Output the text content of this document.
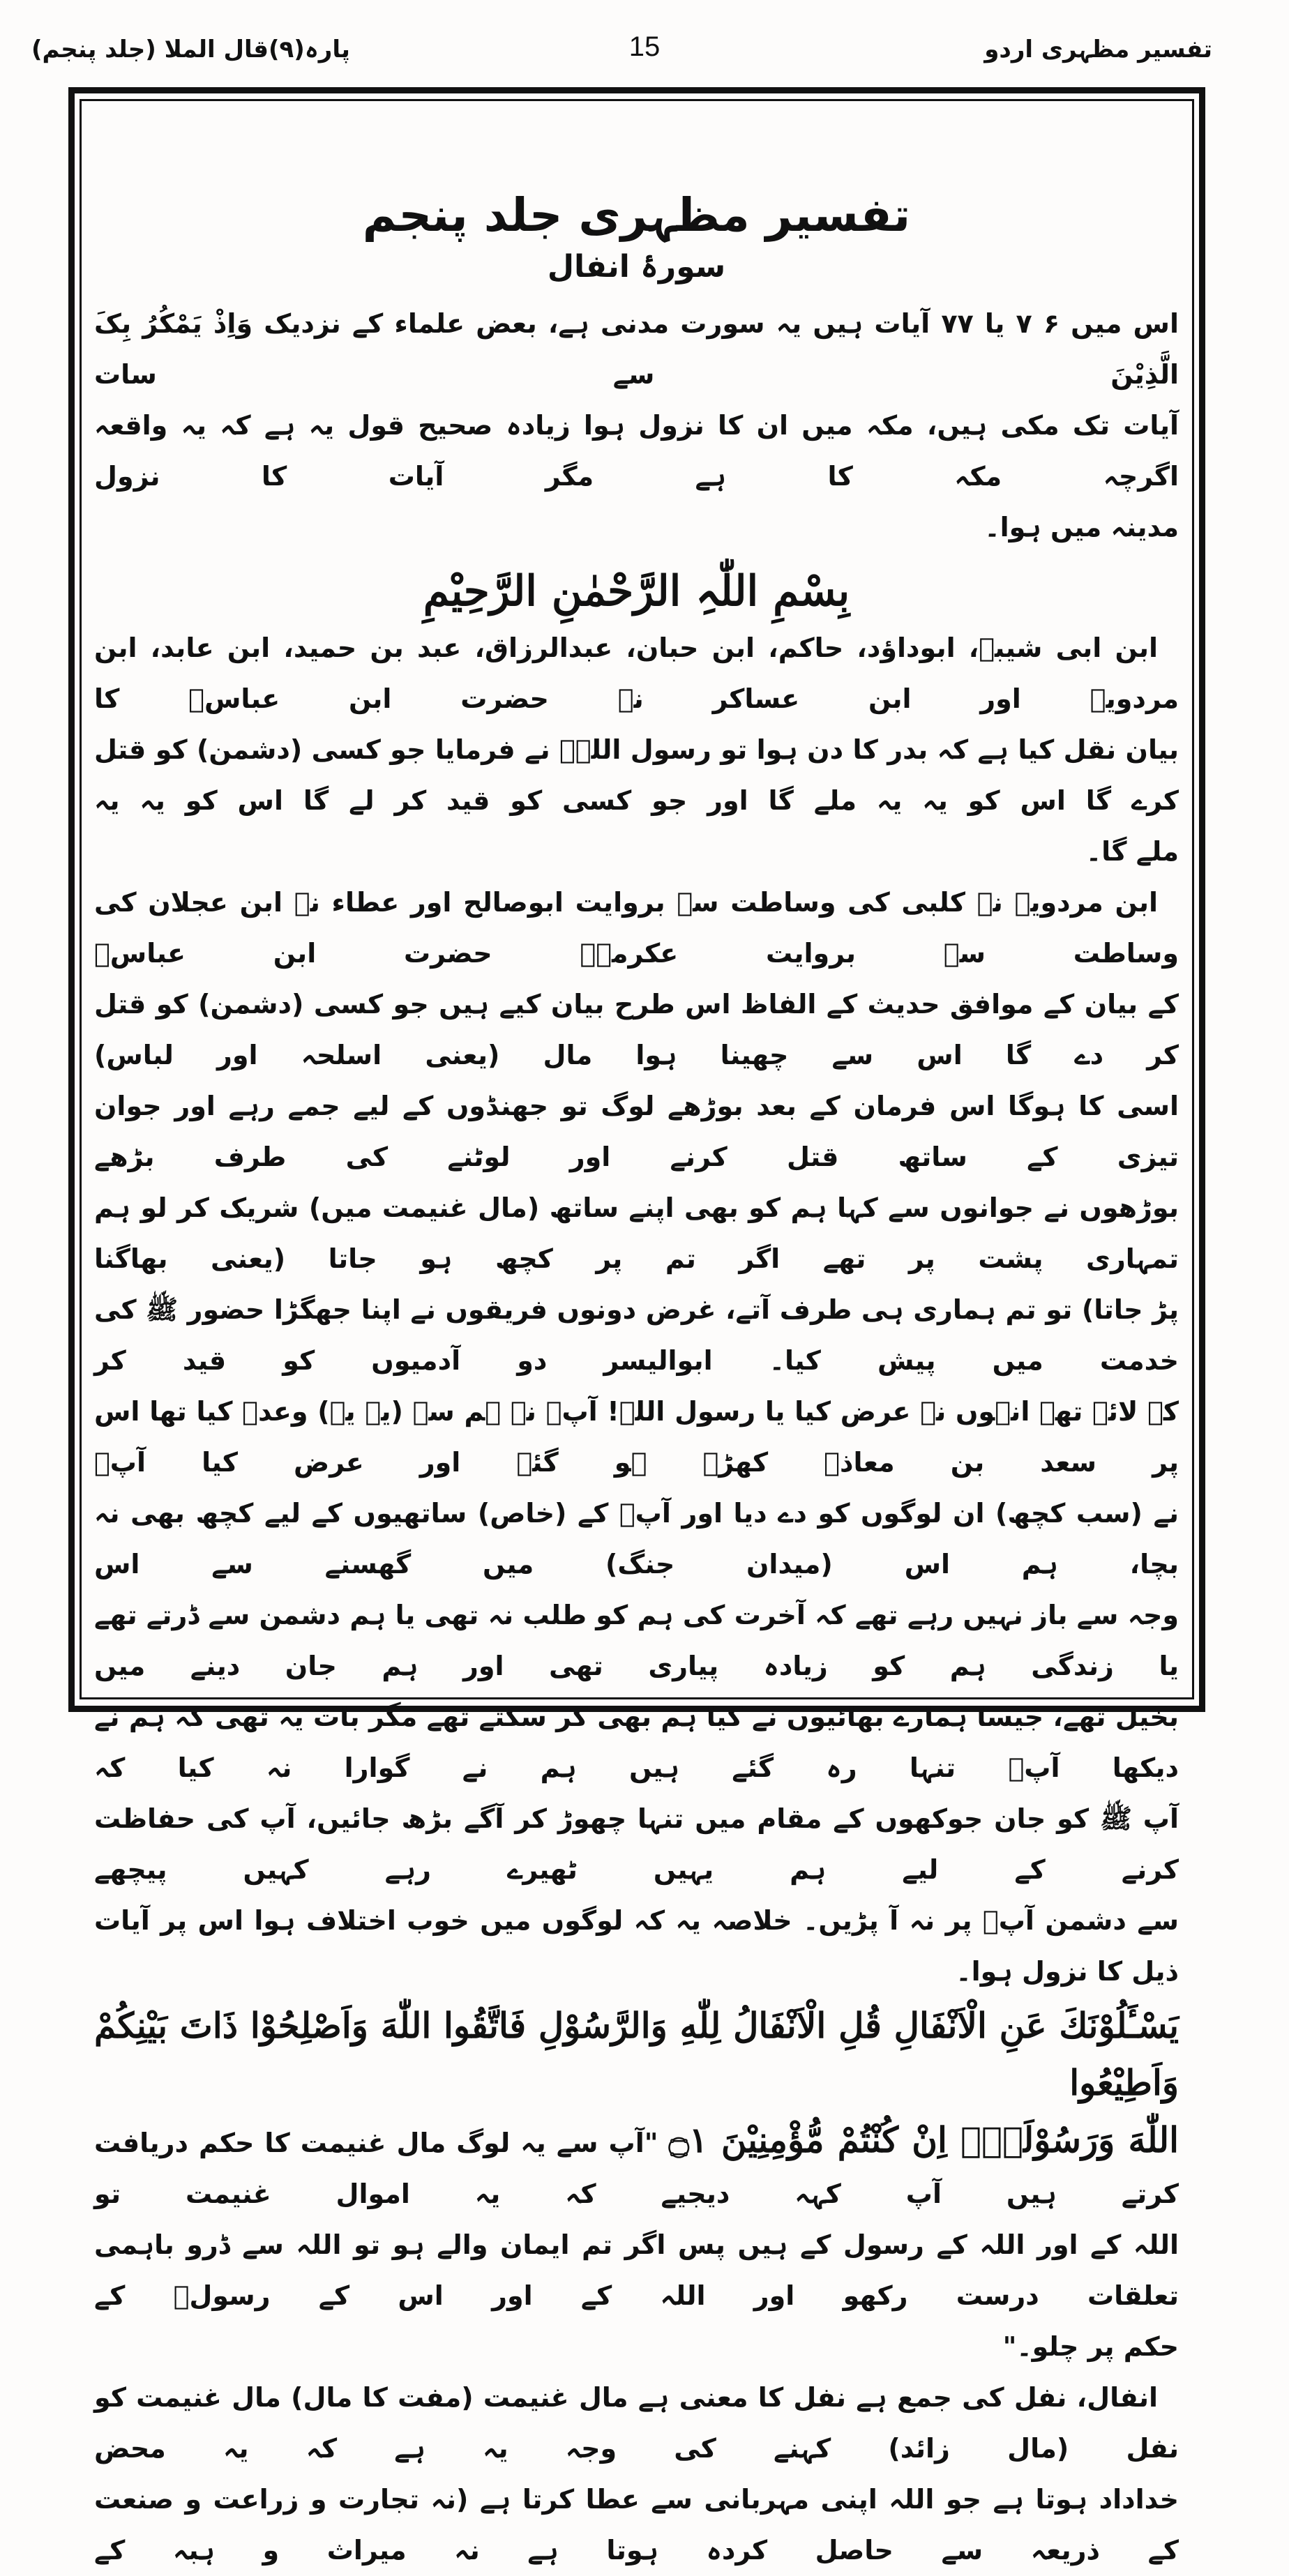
تفسیر مظہری اردو
15
پارہ(۹)قال الملا (جلد پنجم)
تفسیر مظہری جلد پنجم
سورۂ انفال

اس میں ۶ ۷ یا ۷۷ آیات ہیں یہ سورت مدنی ہے، بعض علماء کے نزدیک وَاِذْ یَمْکُرُ بِکَ الَّذِیْنَ سے سات

آیات تک مکی ہیں، مکہ میں ان کا نزول ہوا زیادہ صحیح قول یہ ہے کہ یہ واقعہ اگرچہ مکہ کا ہے مگر آیات کا نزول

مدینہ میں ہوا۔

بِسْمِ اللّٰہِ الرَّحْمٰنِ الرَّحِیْمِ

ابن ابی شیبہ، ابوداؤد، حاکم، ابن حبان، عبدالرزاق، عبد بن حمید، ابن عابد، ابن مردویہ اور ابن عساکر نے حضرت ابن عباسؓ کا

بیان نقل کیا ہے کہ بدر کا دن ہوا تو رسول اللہؐ نے فرمایا جو کسی (دشمن) کو قتل کرے گا اس کو یہ یہ ملے گا اور جو کسی کو قید کر لے گا اس کو یہ یہ

ملے گا۔

ابن مردویہ نے کلبی کی وساطت سے بروایت ابوصالح اور عطاء نے ابن عجلان کی وساطت سے بروایت عکرمہؒ حضرت ابن عباسؓ

کے بیان کے موافق حدیث کے الفاظ اس طرح بیان کیے ہیں جو کسی (دشمن) کو قتل کر دے گا اس سے چھینا ہوا مال (یعنی اسلحہ اور لباس)

اسی کا ہوگا اس فرمان کے بعد بوڑھے لوگ تو جھنڈوں کے لیے جمے رہے اور جوان تیزی کے ساتھ قتل کرنے اور لوٹنے کی طرف بڑھے

بوڑھوں نے جوانوں سے کہا ہم کو بھی اپنے ساتھ (مال غنیمت میں) شریک کر لو ہم تمہاری پشت پر تھے اگر تم پر کچھ ہو جاتا (یعنی بھاگنا

پڑ جاتا) تو تم ہماری ہی طرف آتے، غرض دونوں فریقوں نے اپنا جھگڑا حضور ﷺ کی خدمت میں پیش کیا۔ ابوالیسر دو آدمیوں کو قید کر

کے لائے تھے انہوں نے عرض کیا یا رسول اللہ! آپؐ نے ہم سے (یہ یہ) وعدہ کیا تھا اس پر سعد بن معاذؓ کھڑے ہو گئے اور عرض کیا آپؐ

نے (سب کچھ) ان لوگوں کو دے دیا اور آپؐ کے (خاص) ساتھیوں کے لیے کچھ بھی نہ بچا، ہم اس (میدان جنگ) میں گھسنے سے اس

وجہ سے باز نہیں رہے تھے کہ آخرت کی ہم کو طلب نہ تھی یا ہم دشمن سے ڈرتے تھے یا زندگی ہم کو زیادہ پیاری تھی اور ہم جان دینے میں

بخیل تھے، جیسا ہمارے بھائیوں نے کیا ہم بھی کر سکتے تھے مگر بات یہ تھی کہ ہم نے دیکھا آپؐ تنہا رہ گئے ہیں ہم نے گوارا نہ کیا کہ

آپ ﷺ کو جان جوکھوں کے مقام میں تنہا چھوڑ کر آگے بڑھ جائیں، آپ کی حفاظت کرنے کے لیے ہم یہیں ٹھیرے رہے کہیں پیچھے

سے دشمن آپؐ پر نہ آ پڑیں۔ خلاصہ یہ کہ لوگوں میں خوب اختلاف ہوا اس پر آیات ذیل کا نزول ہوا۔

یَسْـَٔلُوْنَكَ عَنِ الْاَنْفَالِ قُلِ الْاَنْفَالُ لِلّٰهِ وَالرَّسُوْلِ فَاتَّقُوا اللّٰهَ وَاَصْلِحُوْا ذَاتَ بَیْنِكُمْ وَاَطِیْعُوا

اللّٰهَ وَرَسُوْلَهٗۤ اِنْ كُنْتُمْ مُّؤْمِنِیْنَ ۝١ "آپ سے یہ لوگ مال غنیمت کا حکم دریافت کرتے ہیں آپ کہہ دیجیے کہ یہ اموال غنیمت تو

اللہ کے اور اللہ کے رسول کے ہیں پس اگر تم ایمان والے ہو تو اللہ سے ڈرو باہمی تعلقات درست رکھو اور اللہ کے اور اس کے رسولؐ کے

حکم پر چلو۔"

انفال، نفل کی جمع ہے نفل کا معنی ہے مال غنیمت (مفت کا مال) مال غنیمت کو نفل (مال زائد) کہنے کی وجہ یہ ہے کہ یہ محض

خداداد ہوتا ہے جو اللہ اپنی مہربانی سے عطا کرتا ہے (نہ تجارت و زراعت و صنعت کے ذریعہ سے حاصل کردہ ہوتا ہے نہ میراث و ہبہ کے
